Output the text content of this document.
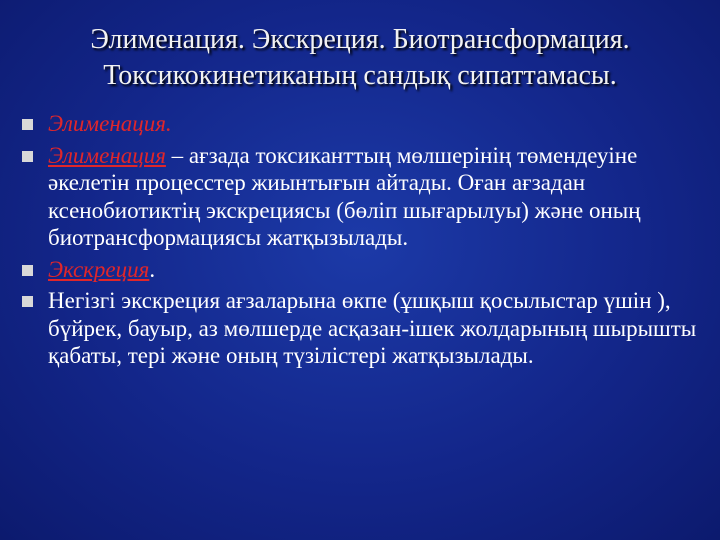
Элименация. Экскреция. Биотрансформация.
Токсикокинетиканың сандық сипаттамасы.
Элименация.
Элименация – ағзада токсиканттың мөлшерінің төмендеуіне әкелетін процесстер жиынтығын айтады. Оған ағзадан ксенобиотиктің экскрециясы (бөліп шығарылуы) және оның биотрансформациясы жатқызылады.
Экскреция.
Негізгі экскреция ағзаларына өкпе (ұшқыш қосылыстар үшін ), бүйрек, бауыр, аз мөлшерде асқазан-ішек жолдарының шырышты қабаты, тері және оның түзілістері жатқызылады.
